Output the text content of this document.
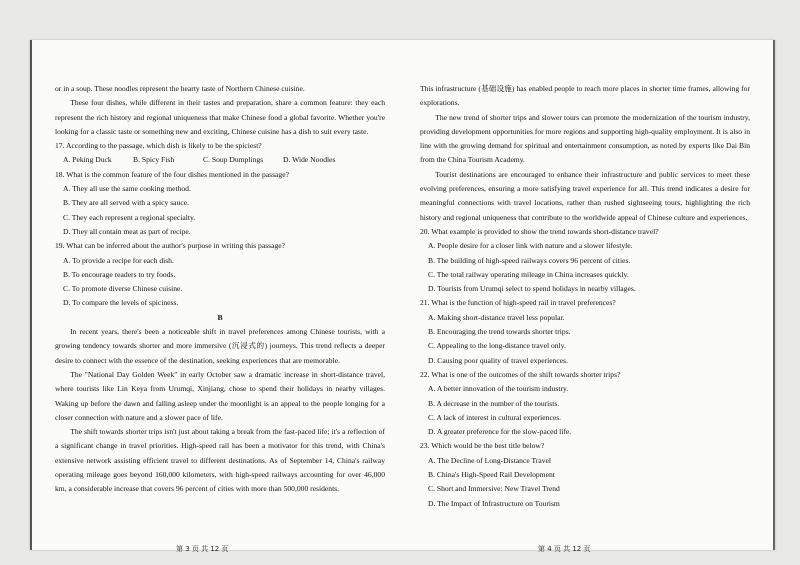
or in a soup. These noodles represent the hearty taste of Northern Chinese cuisine.

These four dishes, while different in their tastes and preparation, share a common feature: they each represent the rich history and regional uniqueness that make Chinese food a global favorite. Whether you're looking for a classic taste or something new and exciting, Chinese cuisine has a dish to suit every taste.

17. According to the passage, which dish is likely to be the spiciest?

A. Peking Duck	B. Spicy Fish	C. Soup Dumplings	D. Wide Noodles

18. What is the common feature of the four dishes mentioned in the passage?

A. They all use the same cooking method.

B. They are all served with a spicy sauce.

C. They each represent a regional specialty.

D. They all contain meat as part of recipe.

19. What can be inferred about the author's purpose in writing this passage?

A. To provide a recipe for each dish.

B. To encourage readers to try foods.

C. To promote diverse Chinese cuisine.

D. To compare the levels of spiciness.

B

In recent years, there's been a noticeable shift in travel preferences among Chinese tourists, with a growing tendency towards shorter and more immersive (沉浸式的) journeys. This trend reflects a deeper desire to connect with the essence of the destination, seeking experiences that are memorable.

The "National Day Golden Week" in early October saw a dramatic increase in short-distance travel, where tourists like Lin Keya from Urumqi, Xinjiang, chose to spend their holidays in nearby villages. Waking up before the dawn and falling asleep under the moonlight is an appeal to the people longing for a closer connection with nature and a slower pace of life.

The shift towards shorter trips isn't just about taking a break from the fast-paced life; it's a reflection of a significant change in travel priorities. High-speed rail has been a motivator for this trend, with China's extensive network assisting efficient travel to different destinations. As of September 14, China's railway operating mileage goes beyond 160,000 kilometers, with high-speed railways accounting for over 46,000 km, a considerable increase that covers 96 percent of cities with more than 500,000 residents.

This infrastructure (基础设施) has enabled people to reach more places in shorter time frames, allowing for explorations.

The new trend of shorter trips and slower tours can promote the modernization of the tourism industry, providing development opportunities for more regions and supporting high-quality employment. It is also in line with the growing demand for spiritual and entertainment consumption, as noted by experts like Dai Bin from the China Tourism Academy.

Tourist destinations are encouraged to enhance their infrastructure and public services to meet these evolving preferences, ensuring a more satisfying travel experience for all. This trend indicates a desire for meaningful connections with travel locations, rather than rushed sightseeing tours, highlighting the rich history and regional uniqueness that contribute to the worldwide appeal of Chinese culture and experiences.

20. What example is provided to show the trend towards short-distance travel?

A. People desire for a closer link with nature and a slower lifestyle.

B. The building of high-speed railways covers 96 percent of cities.

C. The total railway operating mileage in China increases quickly.

D. Tourists from Urumqi select to spend holidays in nearby villages.

21. What is the function of high-speed rail in travel preferences?

A. Making short-distance travel less popular.

B. Encouraging the trend towards shorter trips.

C. Appealing to the long-distance travel only.

D. Causing poor quality of travel experiences.

22. What is one of the outcomes of the shift towards shorter trips?

A. A better innovation of the tourism industry.

B. A decrease in the number of the tourists.

C. A lack of interest in cultural experiences.

D. A greater preference for the slow-paced life.

23. Which would be the best title below?

A. The Decline of Long-Distance Travel

B. China's High-Speed Rail Development

C. Short and Immersive: New Travel Trend

D. The Impact of Infrastructure on Tourism

第 3 页 共 12 页	第 4 页 共 12 页
